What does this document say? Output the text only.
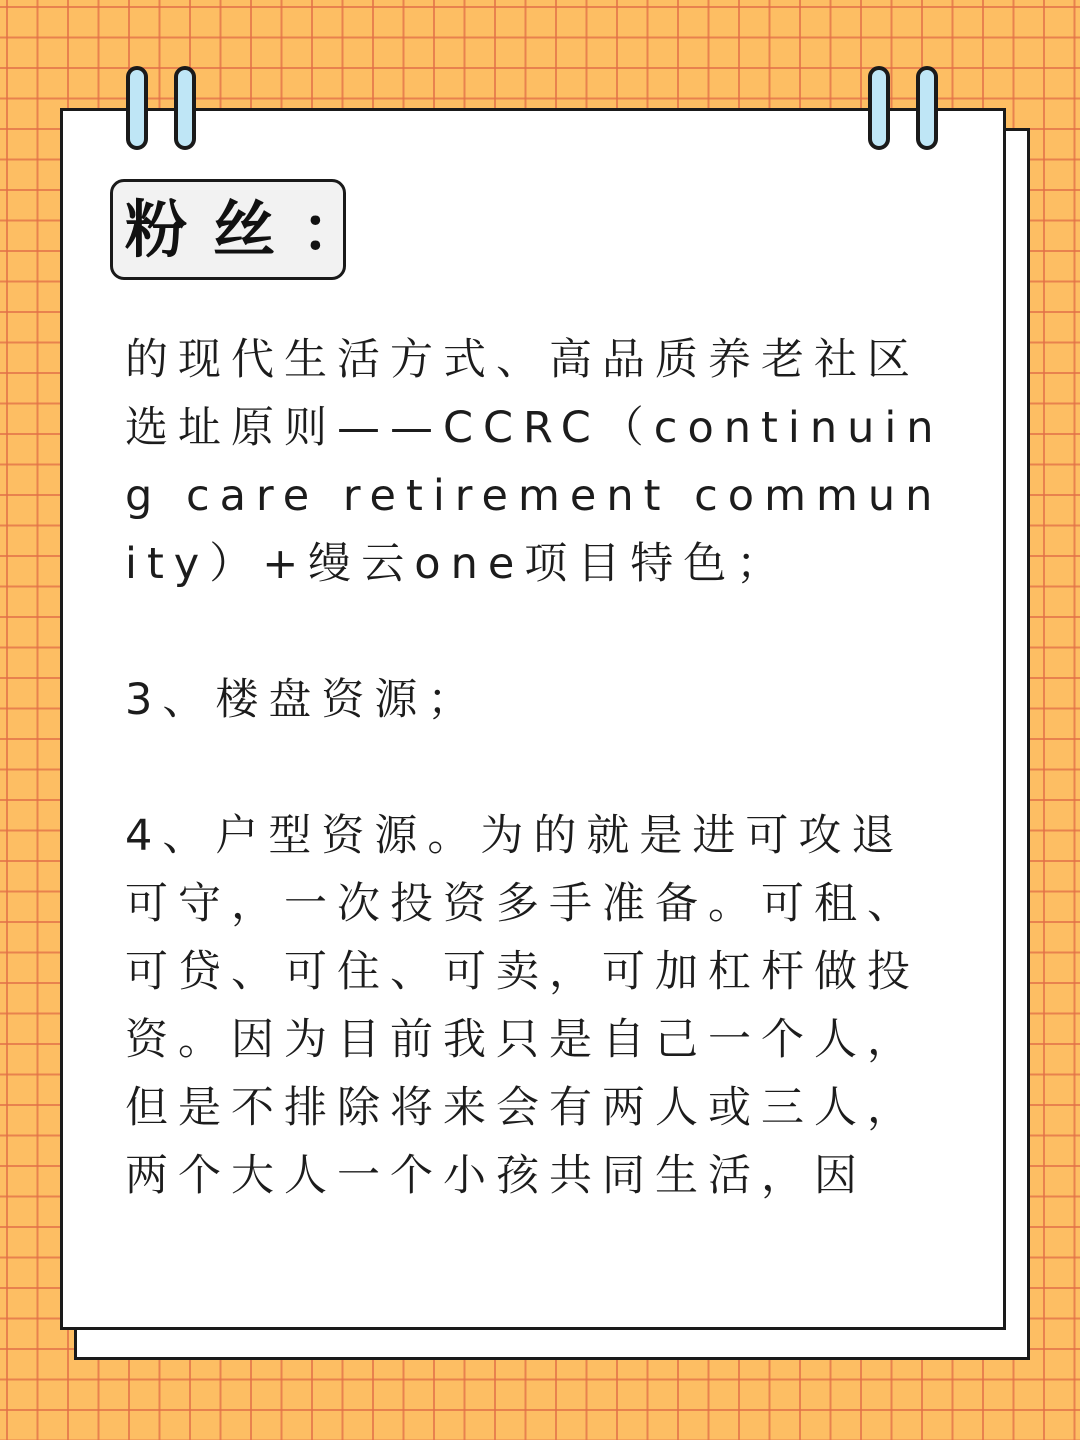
粉丝：

的现代生活方式、高品质养老社区选址原则——CCRC（continuing care retirement community）+缦云one项目特色；

3、楼盘资源；

4、户型资源。为的就是进可攻退可守，一次投资多手准备。可租、可贷、可住、可卖，可加杠杆做投资。因为目前我只是自己一个人，但是不排除将来会有两人或三人，两个大人一个小孩共同生活，因
